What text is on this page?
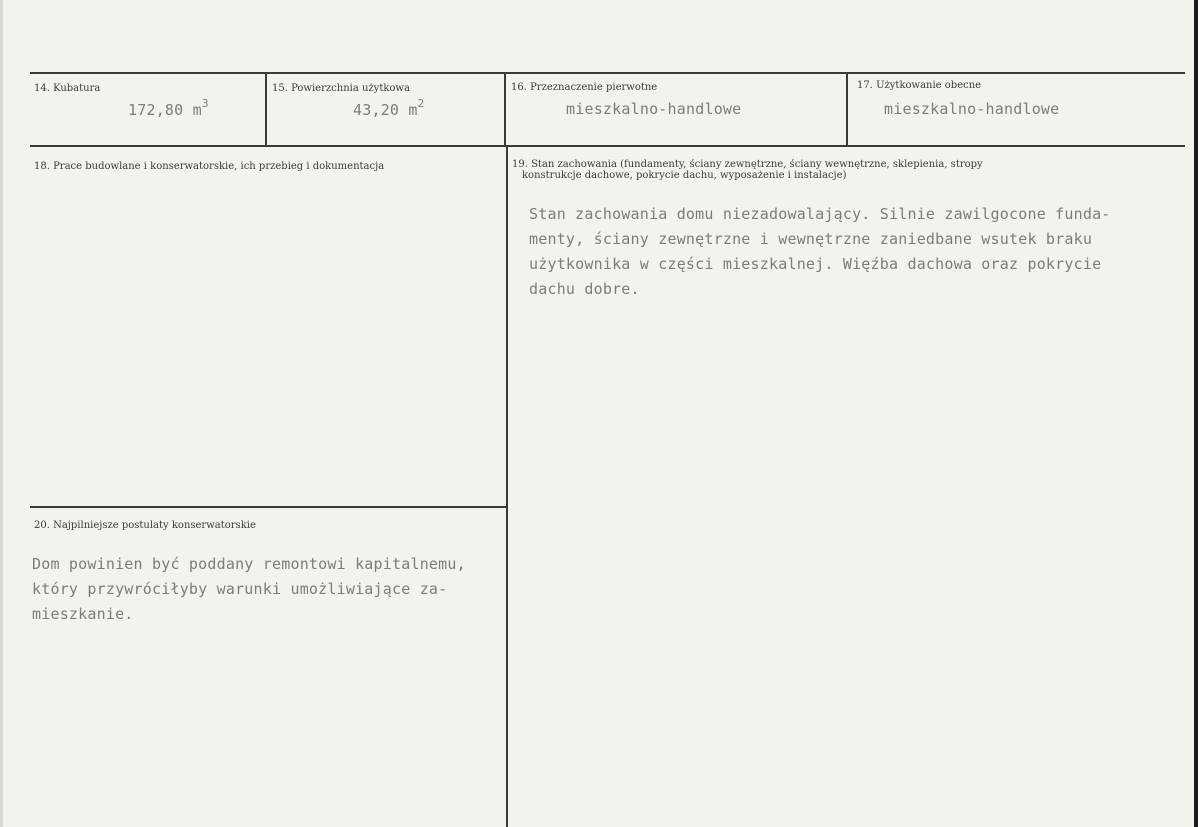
14. Kubatura
172,80 $m^3$
15. Powierzchnia użytkowa
43,20 $m^2$
16. Przeznaczenie pierwotne
mieszkalno-handlowe
17. Użytkowanie obecne
mieszkalno-handlowe
18. Prace budowlane i konserwatorskie, ich przebieg i dokumentacja	19. Stan zachowania (fundamenty, ściany zewnętrzne, ściany wewnętrzne, sklepienia, stropy
konstrukcje dachowe, pokrycie dachu, wyposażenie i instalacje)
Stan zachowania domu niezadowalający. Silnie zawilgocone funda-
menty, ściany zewnętrzne i wewnętrzne zaniedbane wsutek braku
użytkownika w części mieszkalnej. Więźba dachowa oraz pokrycie
dachu dobre.
20. Najpilniejsze postulaty konserwatorskie
Dom powinien być poddany remontowi kapitalnemu,
który przywróciłyby warunki umożliwiające za-
mieszkanie.
